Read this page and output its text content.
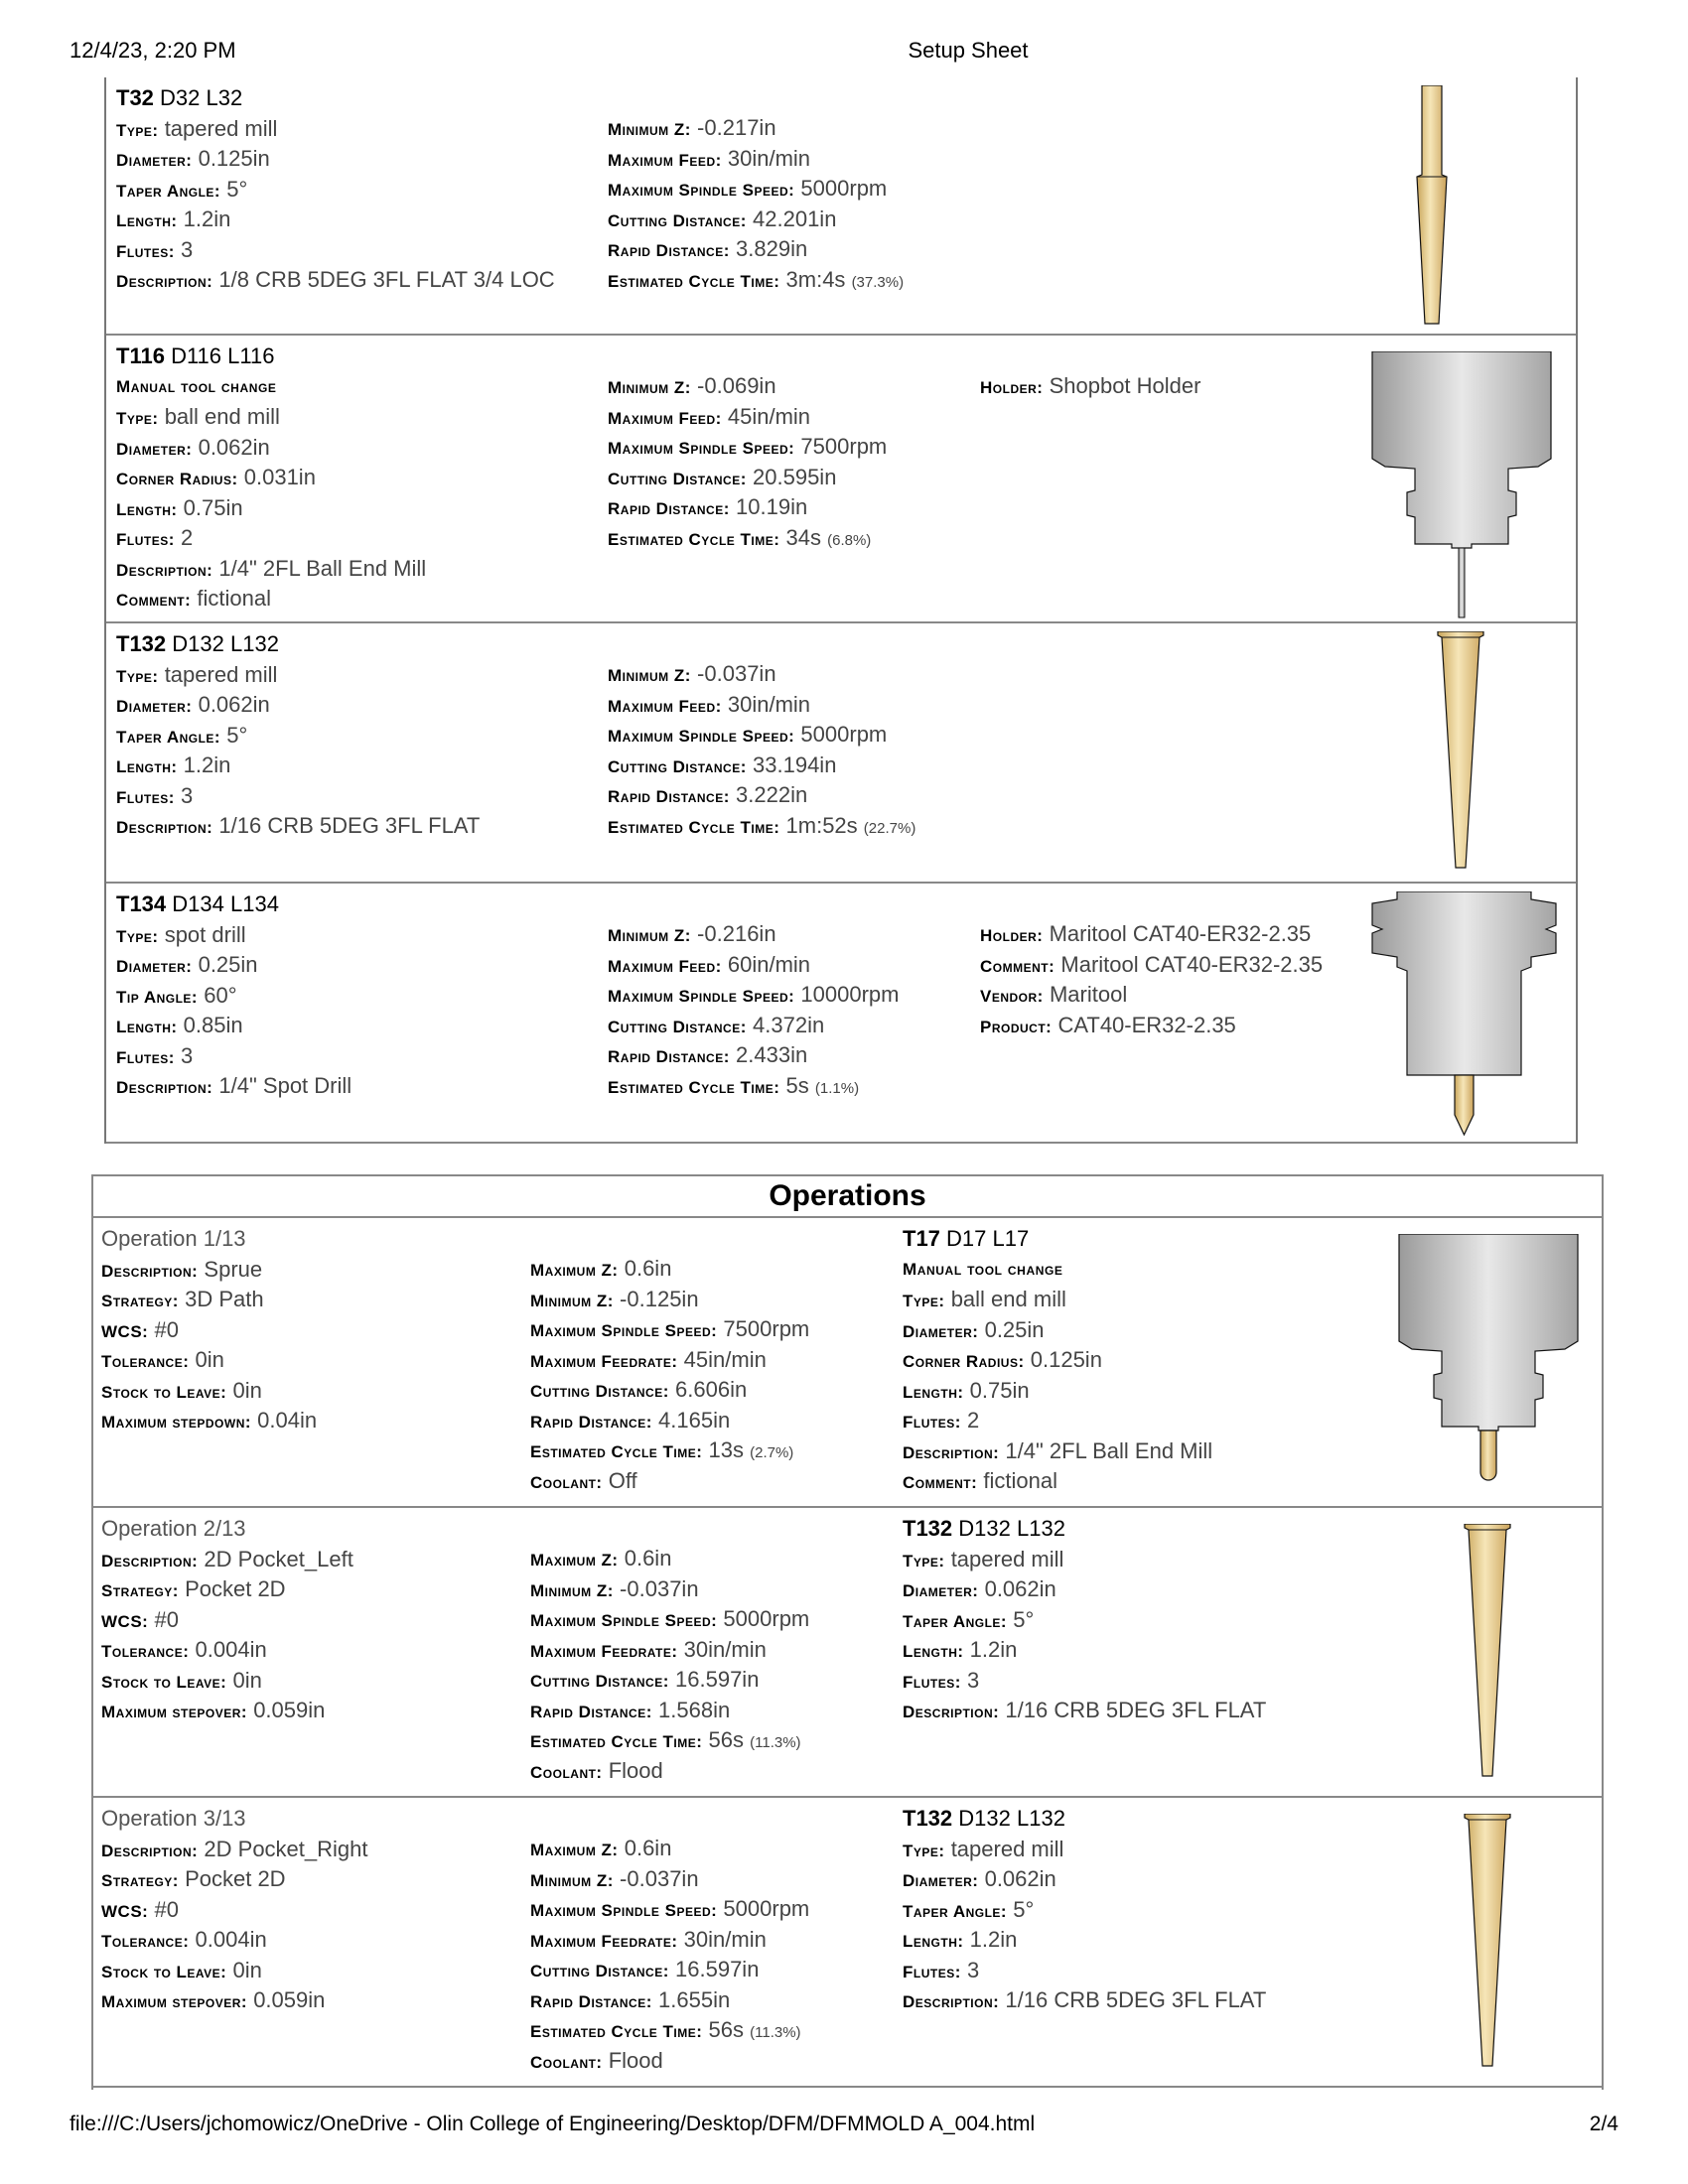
12/4/23, 2:20 PM	Setup Sheet
T32 D32 L32
Type: tapered mill
Diameter: 0.125in
Taper Angle: 5°
Length: 1.2in
Flutes: 3
Description: 1/8 CRB 5DEG 3FL FLAT 3/4 LOC
Minimum Z: -0.217in
Maximum Feed: 30in/min
Maximum Spindle Speed: 5000rpm
Cutting Distance: 42.201in
Rapid Distance: 3.829in
Estimated Cycle Time: 3m:4s (37.3%)
T116 D116 L116
Manual tool change
Type: ball end mill
Diameter: 0.062in
Corner Radius: 0.031in
Length: 0.75in
Flutes: 2
Description: 1/4" 2FL Ball End Mill
Comment: fictional
Minimum Z: -0.069in
Maximum Feed: 45in/min
Maximum Spindle Speed: 7500rpm
Cutting Distance: 20.595in
Rapid Distance: 10.19in
Estimated Cycle Time: 34s (6.8%)
Holder: Shopbot Holder
T132 D132 L132
Type: tapered mill
Diameter: 0.062in
Taper Angle: 5°
Length: 1.2in
Flutes: 3
Description: 1/16 CRB 5DEG 3FL FLAT
Minimum Z: -0.037in
Maximum Feed: 30in/min
Maximum Spindle Speed: 5000rpm
Cutting Distance: 33.194in
Rapid Distance: 3.222in
Estimated Cycle Time: 1m:52s (22.7%)
T134 D134 L134
Type: spot drill
Diameter: 0.25in
Tip Angle: 60°
Length: 0.85in
Flutes: 3
Description: 1/4" Spot Drill
Minimum Z: -0.216in
Maximum Feed: 60in/min
Maximum Spindle Speed: 10000rpm
Cutting Distance: 4.372in
Rapid Distance: 2.433in
Estimated Cycle Time: 5s (1.1%)
Holder: Maritool CAT40-ER32-2.35
Comment: Maritool CAT40-ER32-2.35
Vendor: Maritool
Product: CAT40-ER32-2.35
Operations
Operation 1/13
Description: Sprue
Strategy: 3D Path
WCS: #0
Tolerance: 0in
Stock to Leave: 0in
Maximum stepdown: 0.04in
Maximum Z: 0.6in
Minimum Z: -0.125in
Maximum Spindle Speed: 7500rpm
Maximum Feedrate: 45in/min
Cutting Distance: 6.606in
Rapid Distance: 4.165in
Estimated Cycle Time: 13s (2.7%)
Coolant: Off
T17 D17 L17
Manual tool change
Type: ball end mill
Diameter: 0.25in
Corner Radius: 0.125in
Length: 0.75in
Flutes: 2
Description: 1/4" 2FL Ball End Mill
Comment: fictional
Operation 2/13
Description: 2D Pocket_Left
Strategy: Pocket 2D
WCS: #0
Tolerance: 0.004in
Stock to Leave: 0in
Maximum stepover: 0.059in
Maximum Z: 0.6in
Minimum Z: -0.037in
Maximum Spindle Speed: 5000rpm
Maximum Feedrate: 30in/min
Cutting Distance: 16.597in
Rapid Distance: 1.568in
Estimated Cycle Time: 56s (11.3%)
Coolant: Flood
T132 D132 L132
Type: tapered mill
Diameter: 0.062in
Taper Angle: 5°
Length: 1.2in
Flutes: 3
Description: 1/16 CRB 5DEG 3FL FLAT
Operation 3/13
Description: 2D Pocket_Right
Strategy: Pocket 2D
WCS: #0
Tolerance: 0.004in
Stock to Leave: 0in
Maximum stepover: 0.059in
Maximum Z: 0.6in
Minimum Z: -0.037in
Maximum Spindle Speed: 5000rpm
Maximum Feedrate: 30in/min
Cutting Distance: 16.597in
Rapid Distance: 1.655in
Estimated Cycle Time: 56s (11.3%)
Coolant: Flood
T132 D132 L132
Type: tapered mill
Diameter: 0.062in
Taper Angle: 5°
Length: 1.2in
Flutes: 3
Description: 1/16 CRB 5DEG 3FL FLAT
file:///C:/Users/jchomowicz/OneDrive - Olin College of Engineering/Desktop/DFM/DFMMOLD A_004.html	2/4
